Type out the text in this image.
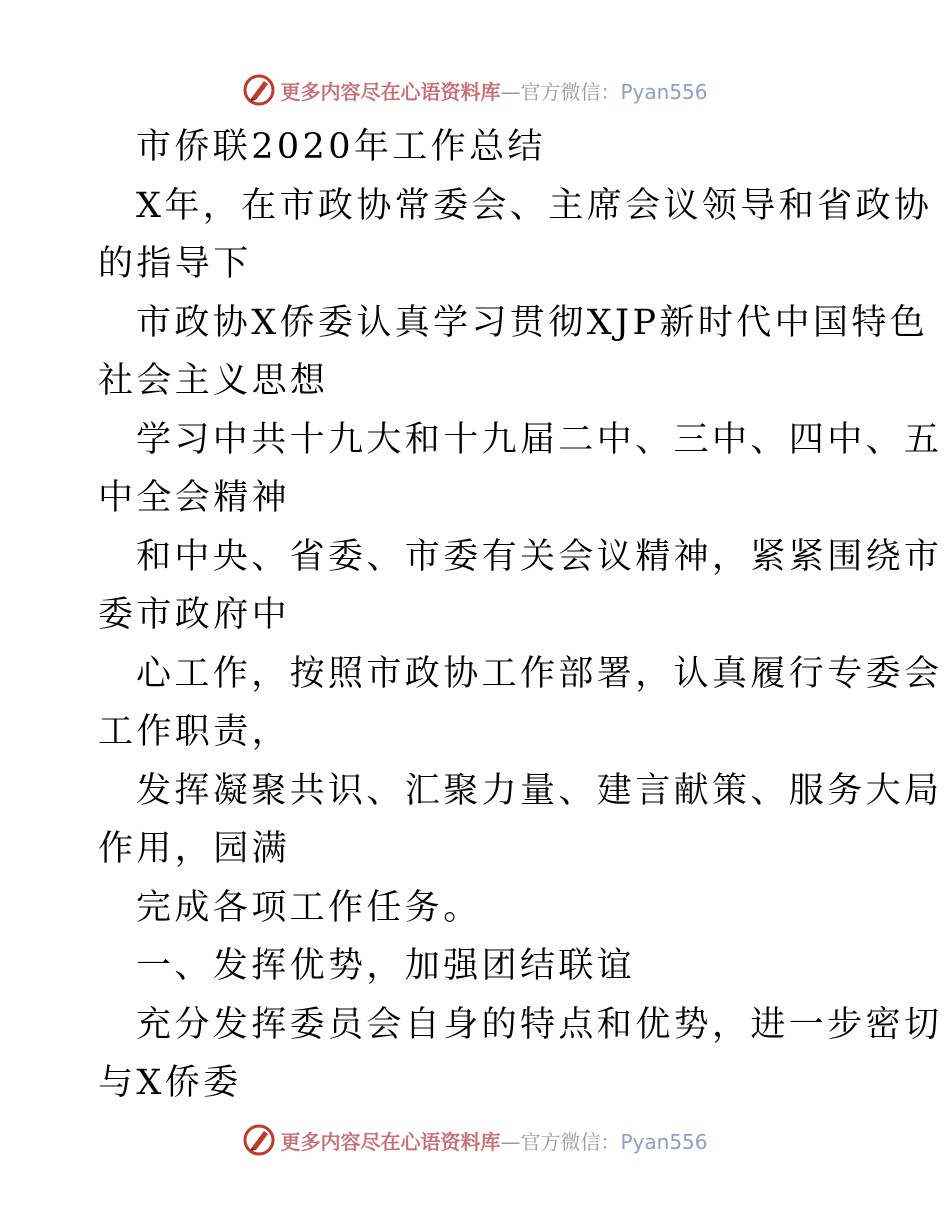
更多内容尽在心语资料库—官方微信：Pyan556
市侨联2020年工作总结
X年，在市政协常委会、主席会议领导和省政协
的指导下
市政协X侨委认真学习贯彻XJP新时代中国特色
社会主义思想
学习中共十九大和十九届二中、三中、四中、五
中全会精神
和中央、省委、市委有关会议精神，紧紧围绕市
委市政府中
心工作，按照市政协工作部署，认真履行专委会
工作职责，
发挥凝聚共识、汇聚力量、建言献策、服务大局
作用，园满
完成各项工作任务。
一、发挥优势，加强团结联谊
充分发挥委员会自身的特点和优势，进一步密切
与X侨委
更多内容尽在心语资料库—官方微信：Pyan556
